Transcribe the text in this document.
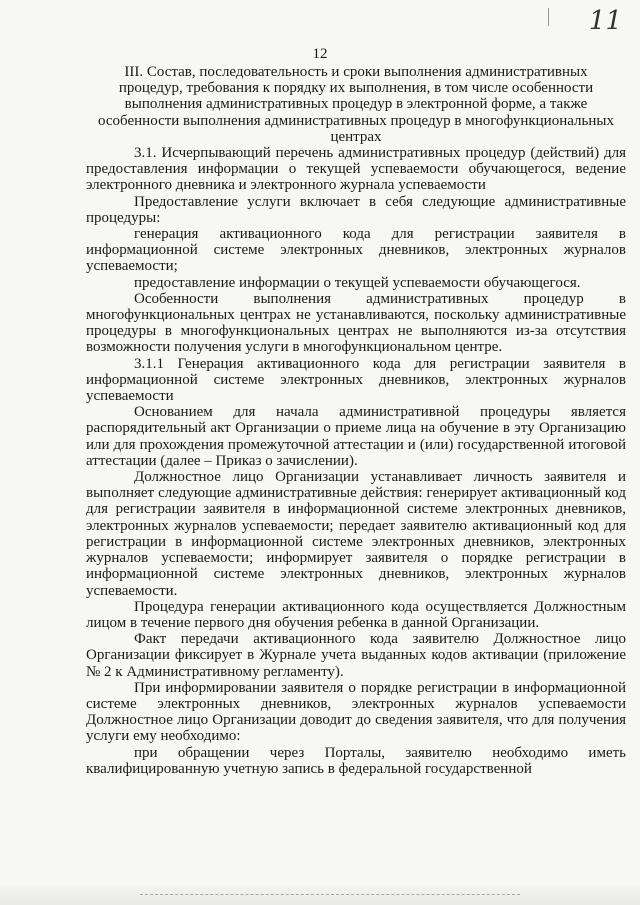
11
12
III. Состав, последовательность и сроки выполнения административных
процедур, требования к порядку их выполнения, в том числе особенности
выполнения административных процедур в электронной форме, а также
особенности выполнения административных процедур в многофункциональных
центрах

3.1. Исчерпывающий перечень административных процедур (действий) для предоставления информации о текущей успеваемости обучающегося, ведение электронного дневника и электронного журнала успеваемости

Предоставление услуги включает в себя следующие административные процедуры:

генерация активационного кода для регистрации заявителя в информационной системе электронных дневников, электронных журналов успеваемости;

предоставление информации о текущей успеваемости обучающегося.

Особенности выполнения административных процедур в многофункциональных центрах не устанавливаются, поскольку административные процедуры в многофункциональных центрах не выполняются из-за отсутствия возможности получения услуги в многофункциональном центре.

3.1.1 Генерация активационного кода для регистрации заявителя в информационной системе электронных дневников, электронных журналов успеваемости

Основанием для начала административной процедуры является распорядительный акт Организации о приеме лица на обучение в эту Организацию или для прохождения промежуточной аттестации и (или) государственной итоговой аттестации (далее – Приказ о зачислении).

Должностное лицо Организации устанавливает личность заявителя и выполняет следующие административные действия: генерирует активационный код для регистрации заявителя в информационной системе электронных дневников, электронных журналов успеваемости; передает заявителю активационный код для регистрации в информационной системе электронных дневников, электронных журналов успеваемости; информирует заявителя о порядке регистрации в информационной системе электронных дневников, электронных журналов успеваемости.

Процедура генерации активационного кода осуществляется Должностным лицом в течение первого дня обучения ребенка в данной Организации.

Факт передачи активационного кода заявителю Должностное лицо Организации фиксирует в Журнале учета выданных кодов активации (приложение № 2 к Административному регламенту).

При информировании заявителя о порядке регистрации в информационной системе электронных дневников, электронных журналов успеваемости Должностное лицо Организации доводит до сведения заявителя, что для получения услуги ему необходимо:

при обращении через Порталы, заявителю необходимо иметь квалифицированную учетную запись в федеральной государственной
